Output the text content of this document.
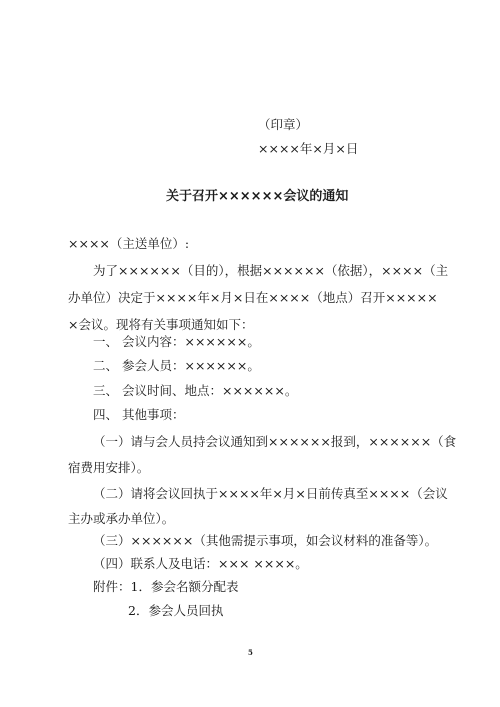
（印章）
××××年×月×日
关于召开××××××会议的通知
××××（主送单位）:
为了××××××（目的），根据××××××（依据），××××（主
办单位）决定于××××年×月×日在××××（地点）召开×××××
×会议。现将有关事项通知如下：
一、 会议内容：××××××。
二、 参会人员：××××××。
三、 会议时间、地点：××××××。
四、 其他事项：
（一）请与会人员持会议通知到××××××报到，××××××（食
宿费用安排）。
（二）请将会议回执于××××年×月×日前传真至××××（会议
主办或承办单位）。
（三）××××××（其他需提示事项，如会议材料的准备等）。
（四）联系人及电话：××× ××××。
附件：1．参会名额分配表
2．参会人员回执
5
